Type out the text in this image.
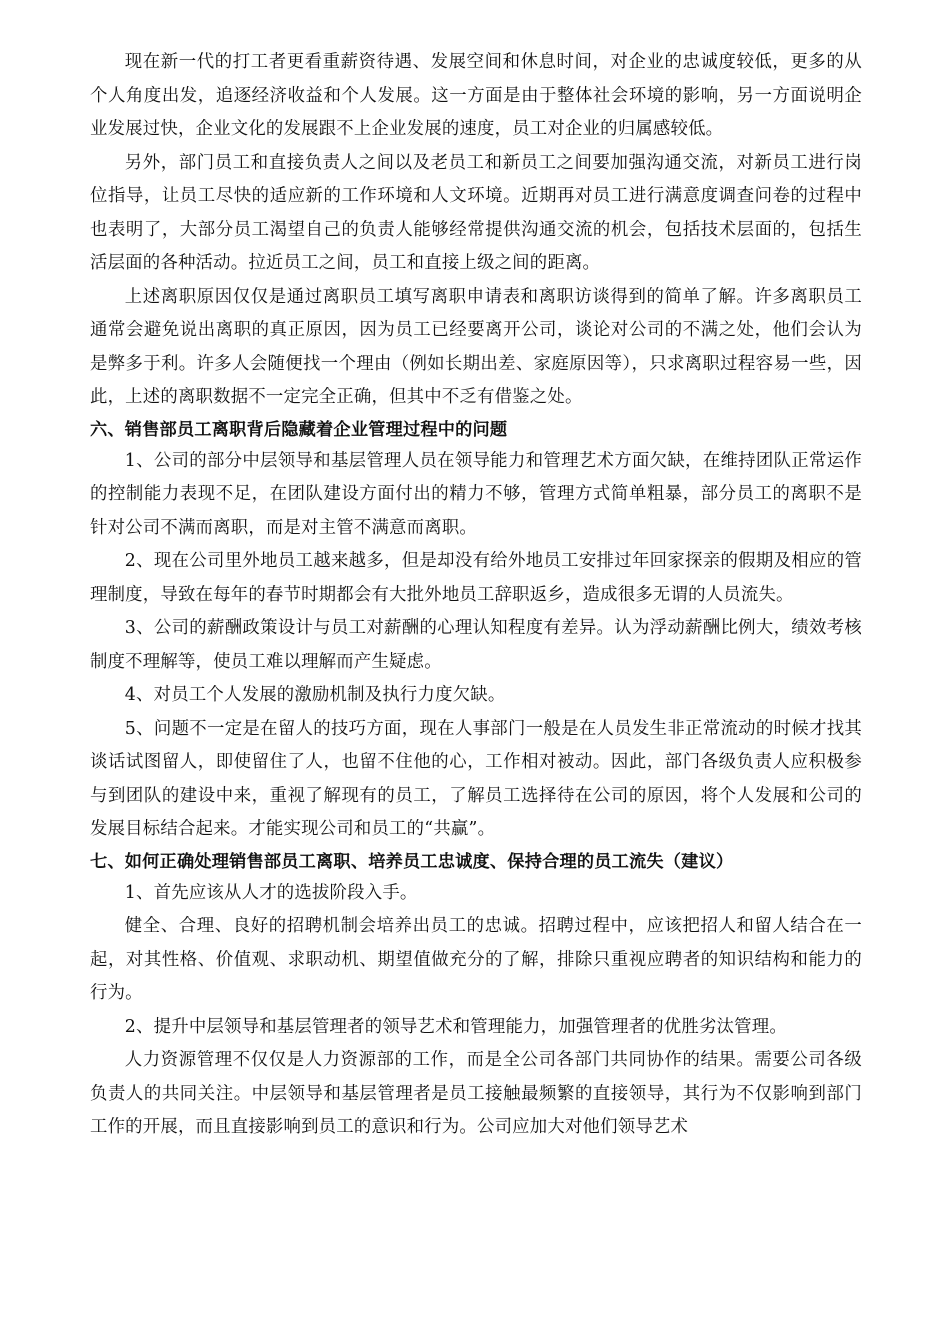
现在新一代的打工者更看重薪资待遇、发展空间和休息时间，对企业的忠诚度较低，更多的从个人角度出发，追逐经济收益和个人发展。这一方面是由于整体社会环境的影响，另一方面说明企业发展过快，企业文化的发展跟不上企业发展的速度，员工对企业的归属感较低。

另外，部门员工和直接负责人之间以及老员工和新员工之间要加强沟通交流，对新员工进行岗位指导，让员工尽快的适应新的工作环境和人文环境。近期再对员工进行满意度调查问卷的过程中也表明了，大部分员工渴望自己的负责人能够经常提供沟通交流的机会，包括技术层面的，包括生活层面的各种活动。拉近员工之间，员工和直接上级之间的距离。

上述离职原因仅仅是通过离职员工填写离职申请表和离职访谈得到的简单了解。许多离职员工通常会避免说出离职的真正原因，因为员工已经要离开公司，谈论对公司的不满之处，他们会认为是弊多于利。许多人会随便找一个理由（例如长期出差、家庭原因等），只求离职过程容易一些，因此，上述的离职数据不一定完全正确，但其中不乏有借鉴之处。

六、销售部员工离职背后隐藏着企业管理过程中的问题

1、公司的部分中层领导和基层管理人员在领导能力和管理艺术方面欠缺，在维持团队正常运作的控制能力表现不足，在团队建设方面付出的精力不够，管理方式简单粗暴，部分员工的离职不是针对公司不满而离职，而是对主管不满意而离职。

2、现在公司里外地员工越来越多，但是却没有给外地员工安排过年回家探亲的假期及相应的管理制度，导致在每年的春节时期都会有大批外地员工辞职返乡，造成很多无谓的人员流失。

3、公司的薪酬政策设计与员工对薪酬的心理认知程度有差异。认为浮动薪酬比例大，绩效考核制度不理解等，使员工难以理解而产生疑虑。

4、对员工个人发展的激励机制及执行力度欠缺。

5、问题不一定是在留人的技巧方面，现在人事部门一般是在人员发生非正常流动的时候才找其谈话试图留人，即使留住了人，也留不住他的心，工作相对被动。因此，部门各级负责人应积极参与到团队的建设中来，重视了解现有的员工，了解员工选择待在公司的原因，将个人发展和公司的发展目标结合起来。才能实现公司和员工的“共赢”。

七、如何正确处理销售部员工离职、培养员工忠诚度、保持合理的员工流失（建议）

1、首先应该从人才的选拔阶段入手。

健全、合理、良好的招聘机制会培养出员工的忠诚。招聘过程中，应该把招人和留人结合在一起，对其性格、价值观、求职动机、期望值做充分的了解，排除只重视应聘者的知识结构和能力的行为。

2、提升中层领导和基层管理者的领导艺术和管理能力，加强管理者的优胜劣汰管理。

人力资源管理不仅仅是人力资源部的工作，而是全公司各部门共同协作的结果。需要公司各级负责人的共同关注。中层领导和基层管理者是员工接触最频繁的直接领导，其行为不仅影响到部门工作的开展，而且直接影响到员工的意识和行为。公司应加大对他们领导艺术
